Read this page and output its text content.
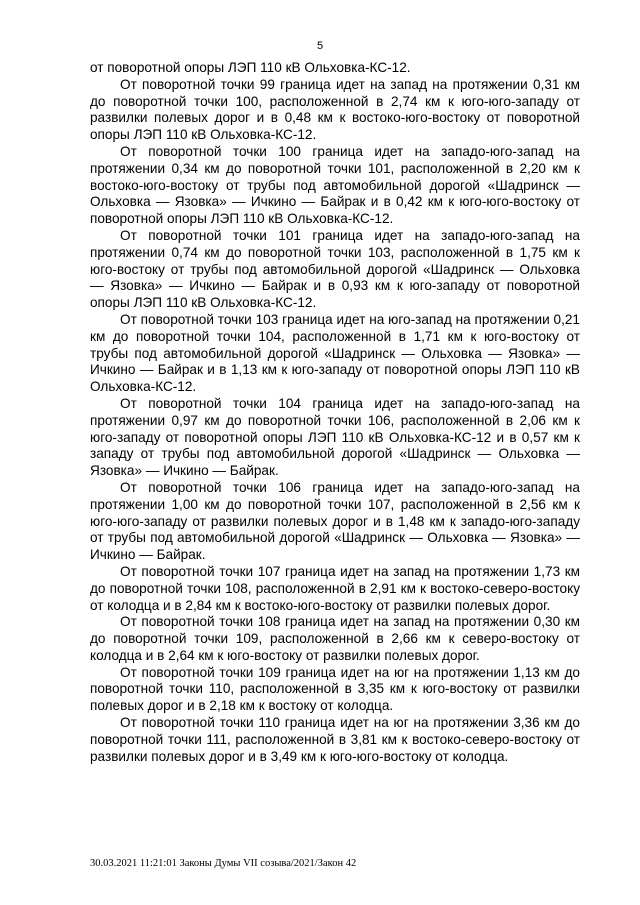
5

от поворотной опоры ЛЭП 110 кВ Ольховка-КС-12.

От поворотной точки 99 граница идет на запад на протяжении 0,31 км до поворотной точки 100, расположенной в 2,74 км к юго-юго-западу от развилки полевых дорог и в 0,48 км к востоко-юго-востоку от поворотной опоры ЛЭП 110 кВ Ольховка-КС-12.

От поворотной точки 100 граница идет на западо-юго-запад на протяжении 0,34 км до поворотной точки 101, расположенной в 2,20 км к востоко-юго-востоку от трубы под автомобильной дорогой «Шадринск — Ольховка — Язовка» — Ичкино — Байрак и в 0,42 км к юго-юго-востоку от поворотной опоры ЛЭП 110 кВ Ольховка-КС-12.

От поворотной точки 101 граница идет на западо-юго-запад на протяжении 0,74 км до поворотной точки 103, расположенной в 1,75 км к юго-востоку от трубы под автомобильной дорогой «Шадринск — Ольховка — Язовка» — Ичкино — Байрак и в 0,93 км к юго-западу от поворотной опоры ЛЭП 110 кВ Ольховка-КС-12.

От поворотной точки 103 граница идет на юго-запад на протяжении 0,21 км до поворотной точки 104, расположенной в 1,71 км к юго-востоку от трубы под автомобильной дорогой «Шадринск — Ольховка — Язовка» — Ичкино — Байрак и в 1,13 км к юго-западу от поворотной опоры ЛЭП 110 кВ Ольховка-КС-12.

От поворотной точки 104 граница идет на западо-юго-запад на протяжении 0,97 км до поворотной точки 106, расположенной в 2,06 км к юго-западу от поворотной опоры ЛЭП 110 кВ Ольховка-КС-12 и в 0,57 км к западу от трубы под автомобильной дорогой «Шадринск — Ольховка — Язовка» — Ичкино — Байрак.

От поворотной точки 106 граница идет на западо-юго-запад на протяжении 1,00 км до поворотной точки 107, расположенной в 2,56 км к юго-юго-западу от развилки полевых дорог и в 1,48 км к западо-юго-западу от трубы под автомобильной дорогой «Шадринск — Ольховка — Язовка» — Ичкино — Байрак.

От поворотной точки 107 граница идет на запад на протяжении 1,73 км до поворотной точки 108, расположенной в 2,91 км к востоко-северо-востоку от колодца и в 2,84 км к востоко-юго-востоку от развилки полевых дорог.

От поворотной точки 108 граница идет на запад на протяжении 0,30 км до поворотной точки 109, расположенной в 2,66 км к северо-востоку от колодца и в 2,64 км к юго-востоку от развилки полевых дорог.

От поворотной точки 109 граница идет на юг на протяжении 1,13 км до поворотной точки 110, расположенной в 3,35 км к юго-востоку от развилки полевых дорог и в 2,18 км к востоку от колодца.

От поворотной точки 110 граница идет на юг на протяжении 3,36 км до поворотной точки 111, расположенной в 3,81 км к востоко-северо-востоку от развилки полевых дорог и в 3,49 км к юго-юго-востоку от колодца.

30.03.2021 11:21:01 Законы Думы VII созыва/2021/Закон 42
